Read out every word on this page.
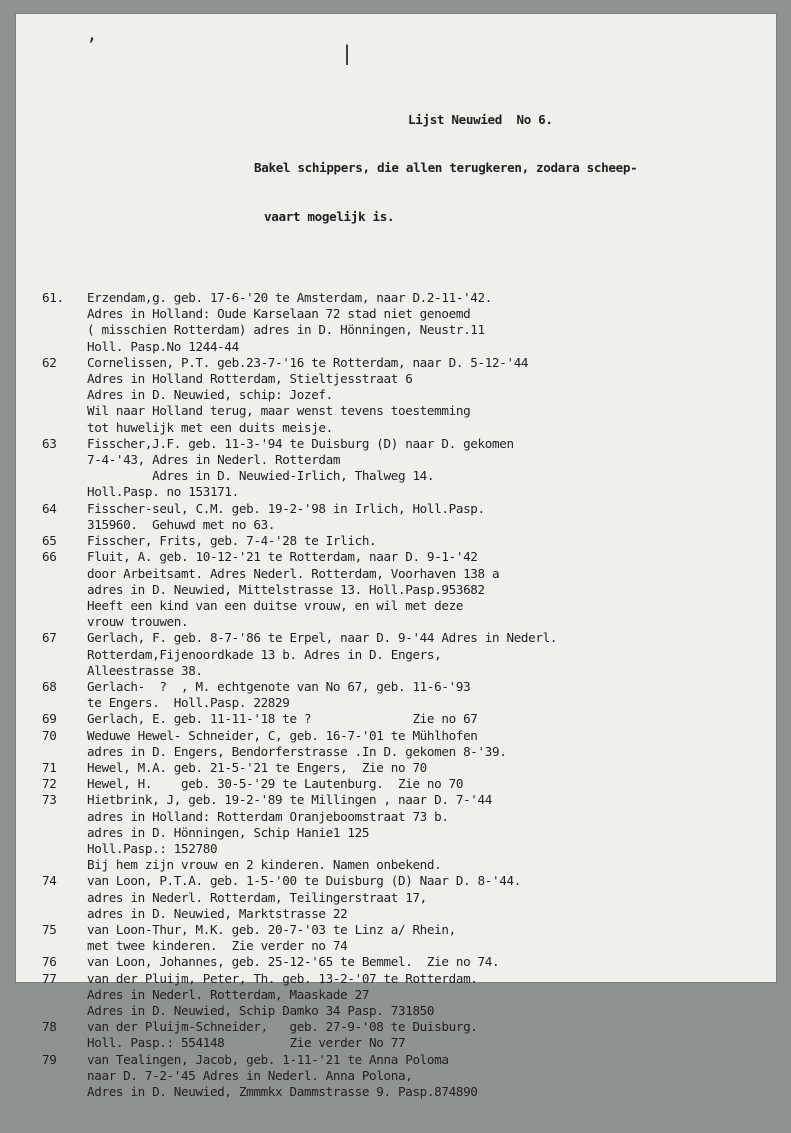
’	|

Lijst Neuwied  No 6.

Bakel schippers, die allen terugkeren, zodara scheep-

vaart mogelijk is.

61.	Erzendam,g. geb. 17-6-'20 te Amsterdam, naar D.2-11-'42.
Adres in Holland: Oude Karselaan 72 stad niet genoemd
( misschien Rotterdam) adres in D. Hönningen, Neustr.11
Holl. Pasp.No 1244-44
62	Cornelissen, P.T. geb.23-7-'16 te Rotterdam, naar D. 5-12-'44
Adres in Holland Rotterdam, Stieltjesstraat 6
Adres in D. Neuwied, schip: Jozef.
Wil naar Holland terug, maar wenst tevens toestemming
tot huwelijk met een duits meisje.
63	Fisscher,J.F. geb. 11-3-'94 te Duisburg (D) naar D. gekomen
7-4-'43, Adres in Nederl. Rotterdam
Adres in D. Neuwied-Irlich, Thalweg 14.
Holl.Pasp. no 153171.
64	Fisscher-seul, C.M. geb. 19-2-'98 in Irlich, Holl.Pasp.
315960.  Gehuwd met no 63.
65	Fisscher, Frits, geb. 7-4-'28 te Irlich.
66	Fluit, A. geb. 10-12-'21 te Rotterdam, naar D. 9-1-'42
door Arbeitsamt. Adres Nederl. Rotterdam, Voorhaven 138 a
adres in D. Neuwied, Mittelstrasse 13. Holl.Pasp.953682
Heeft een kind van een duitse vrouw, en wil met deze
vrouw trouwen.
67	Gerlach, F. geb. 8-7-'86 te Erpel, naar D. 9-'44 Adres in Nederl.
Rotterdam,Fijenoordkade 13 b. Adres in D. Engers,
Alleestrasse 38.
68	Gerlach-  ?  , M. echtgenote van No 67, geb. 11-6-'93
te Engers.  Holl.Pasp. 22829
69	Gerlach, E. geb. 11-11-'18 te ?              Zie no 67
70	Weduwe Hewel- Schneider, C, geb. 16-7-'01 te Mühlhofen
adres in D. Engers, Bendorferstrasse .In D. gekomen 8-'39.
71	Hewel, M.A. geb. 21-5-'21 te Engers,  Zie no 70
72	Hewel, H.    geb. 30-5-'29 te Lautenburg.  Zie no 70
73	Hietbrink, J, geb. 19-2-'89 te Millingen , naar D. 7-'44
adres in Holland: Rotterdam Oranjeboomstraat 73 b.
adres in D. Hönningen, Schip Hanie1 125
Holl.Pasp.: 152780
Bij hem zijn vrouw en 2 kinderen. Namen onbekend.
74	van Loon, P.T.A. geb. 1-5-'00 te Duisburg (D) Naar D. 8-'44.
adres in Nederl. Rotterdam, Teilingerstraat 17,
adres in D. Neuwied, Marktstrasse 22
75	van Loon-Thur, M.K. geb. 20-7-'03 te Linz a/ Rhein,
met twee kinderen.  Zie verder no 74
76	van Loon, Johannes, geb. 25-12-'65 te Bemmel.  Zie no 74.
77	van der Pluijm, Peter, Th. geb. 13-2-'07 te Rotterdam.
Adres in Nederl. Rotterdam, Maaskade 27
Adres in D. Neuwied, Schip Damko 34 Pasp. 731850
78	van der Pluijm-Schneider,   geb. 27-9-'08 te Duisburg.
Holl. Pasp.: 554148         Zie verder No 77
79	van Tealingen, Jacob, geb. 1-11-'21 te Anna Poloma
naar D. 7-2-'45 Adres in Nederl. Anna Polona,
Adres in D. Neuwied, Zmmmkx Dammstrasse 9. Pasp.874890
